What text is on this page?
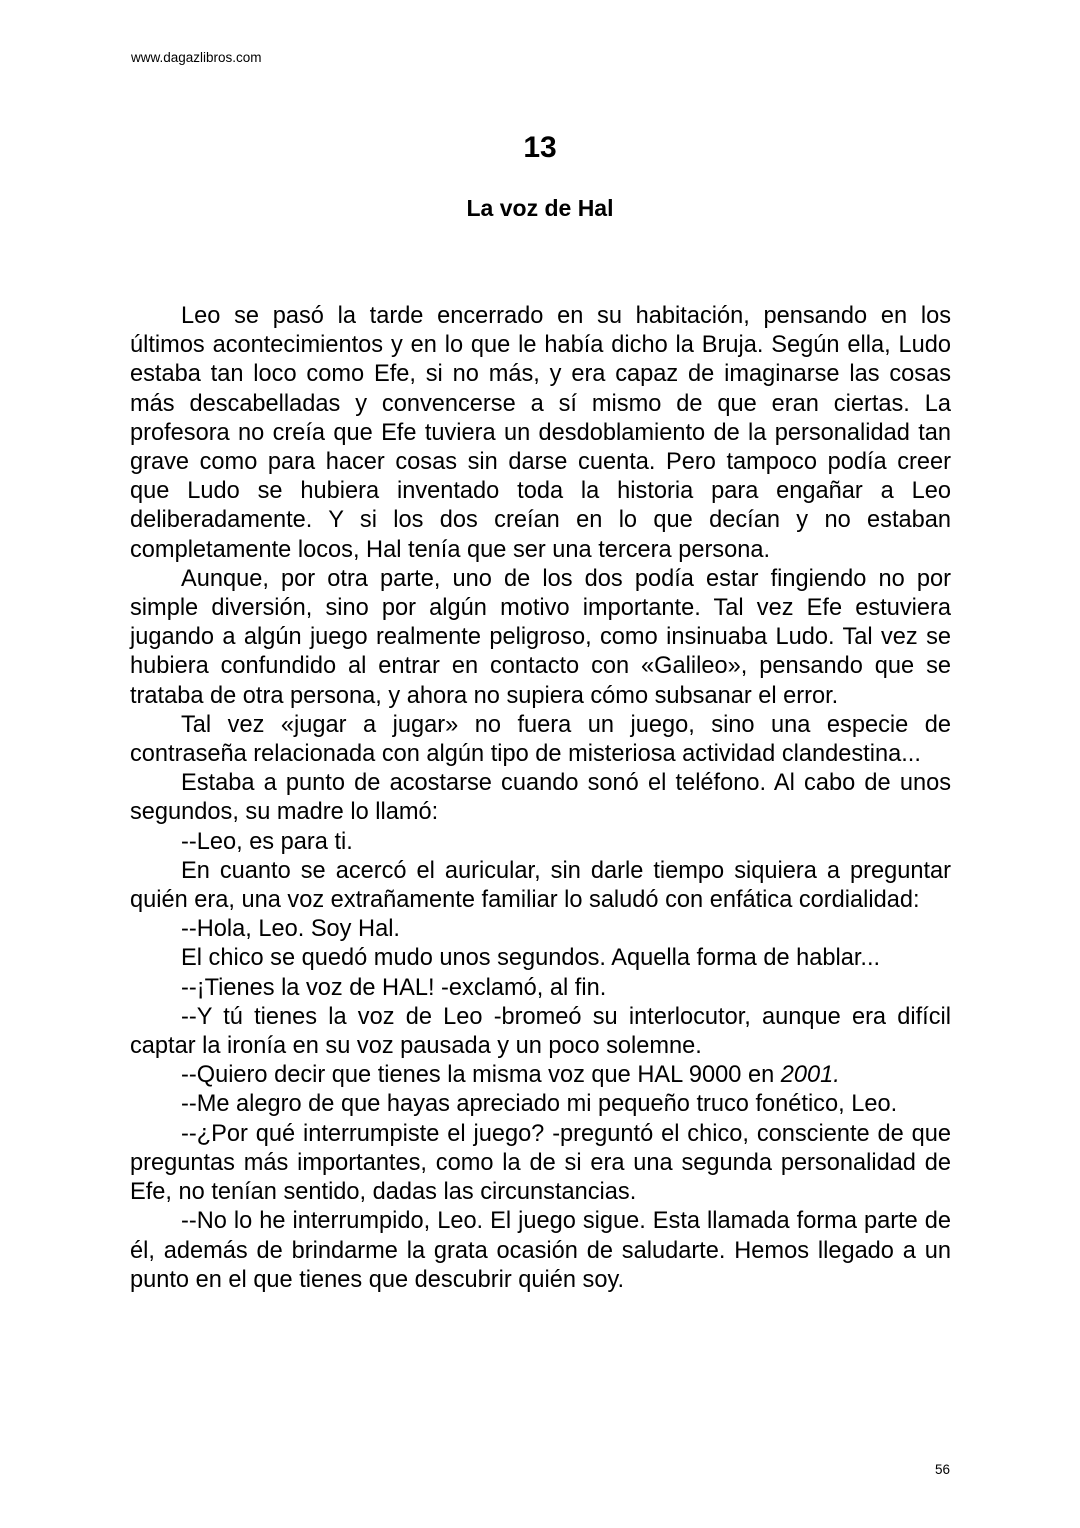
www.dagazlibros.com
13
La voz de Hal

Leo se pasó la tarde encerrado en su habitación, pensando en los últimos acontecimientos y en lo que le había dicho la Bruja. Según ella, Ludo estaba tan loco como Efe, si no más, y era capaz de imaginarse las cosas más descabelladas y convencerse a sí mismo de que eran ciertas. La profesora no creía que Efe tuviera un desdoblamiento de la personalidad tan grave como para hacer cosas sin darse cuenta. Pero tampoco podía creer que Ludo se hubiera inventado toda la historia para engañar a Leo deliberadamente. Y si los dos creían en lo que decían y no estaban completamente locos, Hal tenía que ser una tercera persona.

Aunque, por otra parte, uno de los dos podía estar fingiendo no por simple diversión, sino por algún motivo importante. Tal vez Efe estuviera jugando a algún juego realmente peligroso, como insinuaba Ludo. Tal vez se hubiera confundido al entrar en contacto con «Galileo», pensando que se trataba de otra persona, y ahora no supiera cómo subsanar el error.

Tal vez «jugar a jugar» no fuera un juego, sino una especie de contraseña relacionada con algún tipo de misteriosa actividad clandestina...

Estaba a punto de acostarse cuando sonó el teléfono. Al cabo de unos segundos, su madre lo llamó:

--Leo, es para ti.

En cuanto se acercó el auricular, sin darle tiempo siquiera a preguntar quién era, una voz extrañamente familiar lo saludó con enfática cordialidad:

--Hola, Leo. Soy Hal.

El chico se quedó mudo unos segundos. Aquella forma de hablar...

--¡Tienes la voz de HAL! -exclamó, al fin.

--Y tú tienes la voz de Leo -bromeó su interlocutor, aunque era difícil captar la ironía en su voz pausada y un poco solemne.

--Quiero decir que tienes la misma voz que HAL 9000 en 2001.

--Me alegro de que hayas apreciado mi pequeño truco fonético, Leo.

--¿Por qué interrumpiste el juego? -preguntó el chico, consciente de que preguntas más importantes, como la de si era una segunda personalidad de Efe, no tenían sentido, dadas las circunstancias.

--No lo he interrumpido, Leo. El juego sigue. Esta llamada forma parte de él, además de brindarme la grata ocasión de saludarte. Hemos llegado a un punto en el que tienes que descubrir quién soy.

56
